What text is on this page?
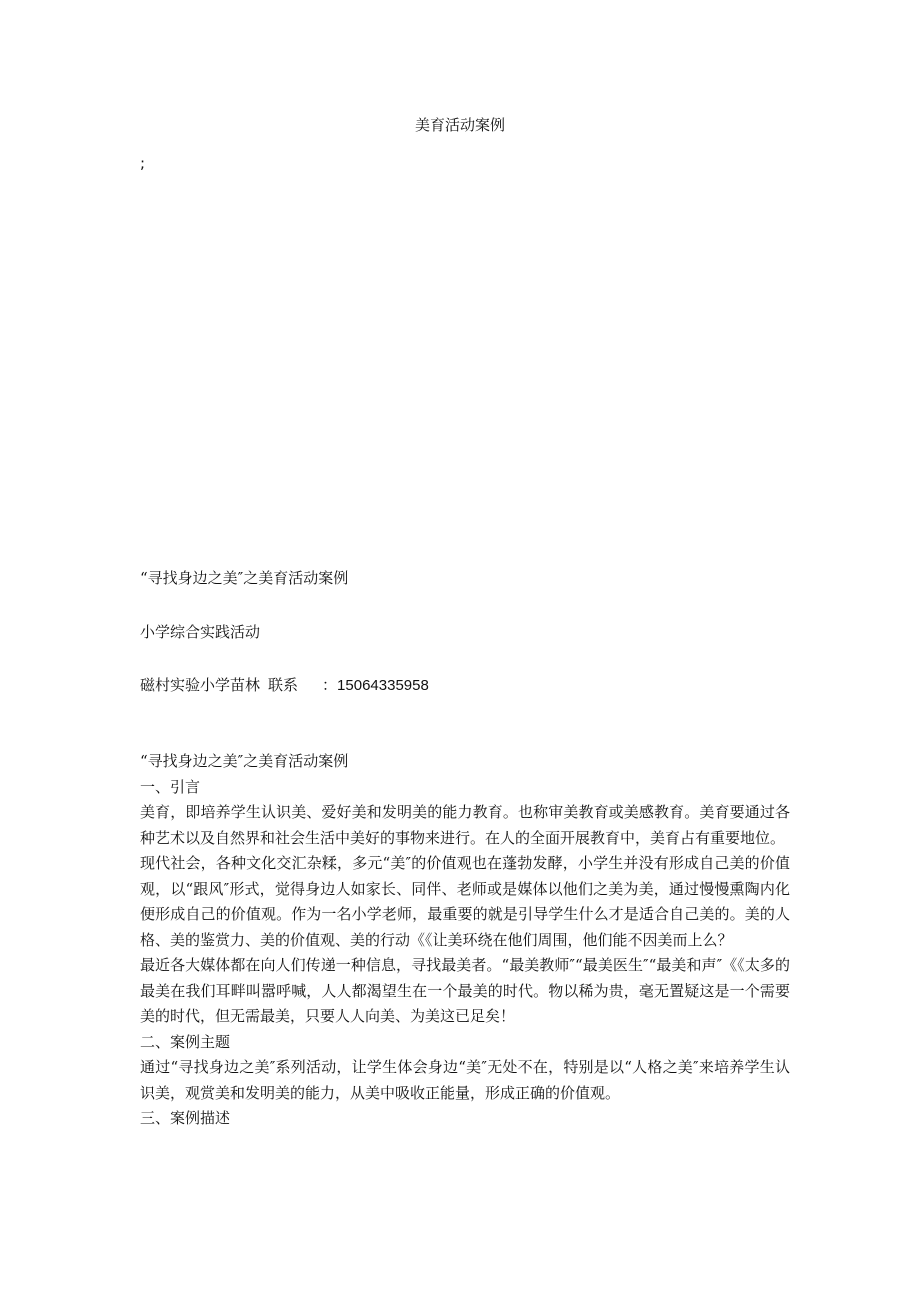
美育活动案例
;
“寻找身边之美″之美育活动案例
小学综合实践活动
磁村实验小学苗林 联系 ：15064335958

“寻找身边之美″之美育活动案例

一、引言

美育，即培养学生认识美、爱好美和发明美的能力教育。也称审美教育或美感教育。美育要通过各种艺术以及自然界和社会生活中美好的事物来进行。在人的全面开展教育中，美育占有重要地位。

现代社会，各种文化交汇杂糅，多元“美″的价值观也在蓬勃发酵，小学生并没有形成自己美的价值观，以“跟风″形式，觉得身边人如家长、同伴、老师或是媒体以他们之美为美，通过慢慢熏陶内化便形成自己的价值观。作为一名小学老师，最重要的就是引导学生什么才是适合自己美的。美的人格、美的鉴赏力、美的价值观、美的行动《《让美环绕在他们周围，他们能不因美而上么？

最近各大媒体都在向人们传递一种信息，寻找最美者。“最美教师″“最美医生″“最美和声″《《太多的最美在我们耳畔叫嚣呼喊，人人都渴望生在一个最美的时代。物以稀为贵，毫无置疑这是一个需要美的时代，但无需最美，只要人人向美、为美这已足矣！

二、案例主题

通过“寻找身边之美″系列活动，让学生体会身边“美″无处不在，特别是以“人格之美″来培养学生认识美，观赏美和发明美的能力，从美中吸收正能量，形成正确的价值观。

三、案例描述
